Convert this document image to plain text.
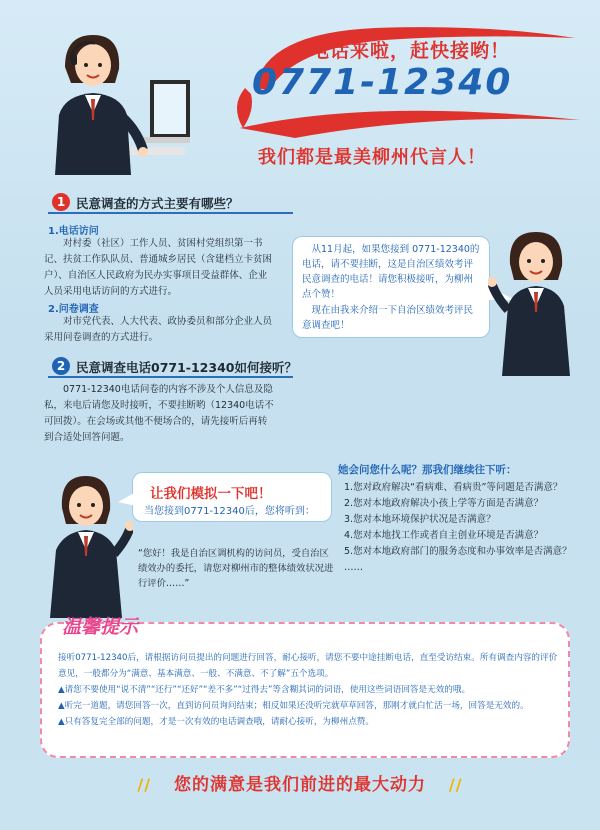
电话来啦，赶快接哟！
0771-12340
我们都是最美柳州代言人！
1 民意调查的方式主要有哪些？
1.电话访问
对村委（社区）工作人员、贫困村党组织第一书记、扶贫工作队队员、普通城乡居民（含建档立卡贫困户）、自治区人民政府为民办实事项目受益群体、企业人员采用电话访问的方式进行。
2.问卷调查
对市党代表、人大代表、政协委员和部分企业人员采用问卷调查的方式进行。
2 民意调查电话0771-12340如何接听？
0771-12340电话问卷的内容不涉及个人信息及隐私，来电后请您及时接听，不要挂断哟（12340电话不可回拨）。在会场或其他不便场合的，请先接听后再转到合适处回答问题。
从11月起，如果您接到 0771-12340的电话，请不要挂断，这是自治区绩效考评民意调查的电话！请您积极接听，为柳州点个赞！
现在由我来介绍一下自治区绩效考评民意调查吧！
让我们模拟一下吧！
当您接到0771-12340后，您将听到：
“您好！我是自治区调机构的访问员，受自治区绩效办的委托，请您对柳州市的整体绩效状况进行评价……”
她会问您什么呢？那我们继续往下听：
1.您对政府解决“看病难、看病贵”等问题是否满意？
2.您对本地政府解决小孩上学等方面是否满意？
3.您对本地环境保护状况是否满意？
4.您对本地找工作或者自主创业环境是否满意？
5.您对本地政府部门的服务态度和办事效率是否满意？
……
温馨提示
接听0771-12340后，请根据访问员提出的问题进行回答，耐心接听，请您不要中途挂断电话，直至受访结束。所有调查内容的评价意见，一般都分为“满意、基本满意、一般、不满意、不了解”五个选项。
▲请您不要使用“说不清”“还行”“还好”“差不多”“过得去”等含糊其词的词语，使用这些词语回答是无效的哦。
▲听完一道题，请您回答一次，直到访问员询问结束；相反如果还没听完就草草回答，那刚才就白忙活一场，回答是无效的。
▲只有答复完全部的问题，才是一次有效的电话调查哦，请耐心接听，为柳州点赞。
// 您的满意是我们前进的最大动力 //
